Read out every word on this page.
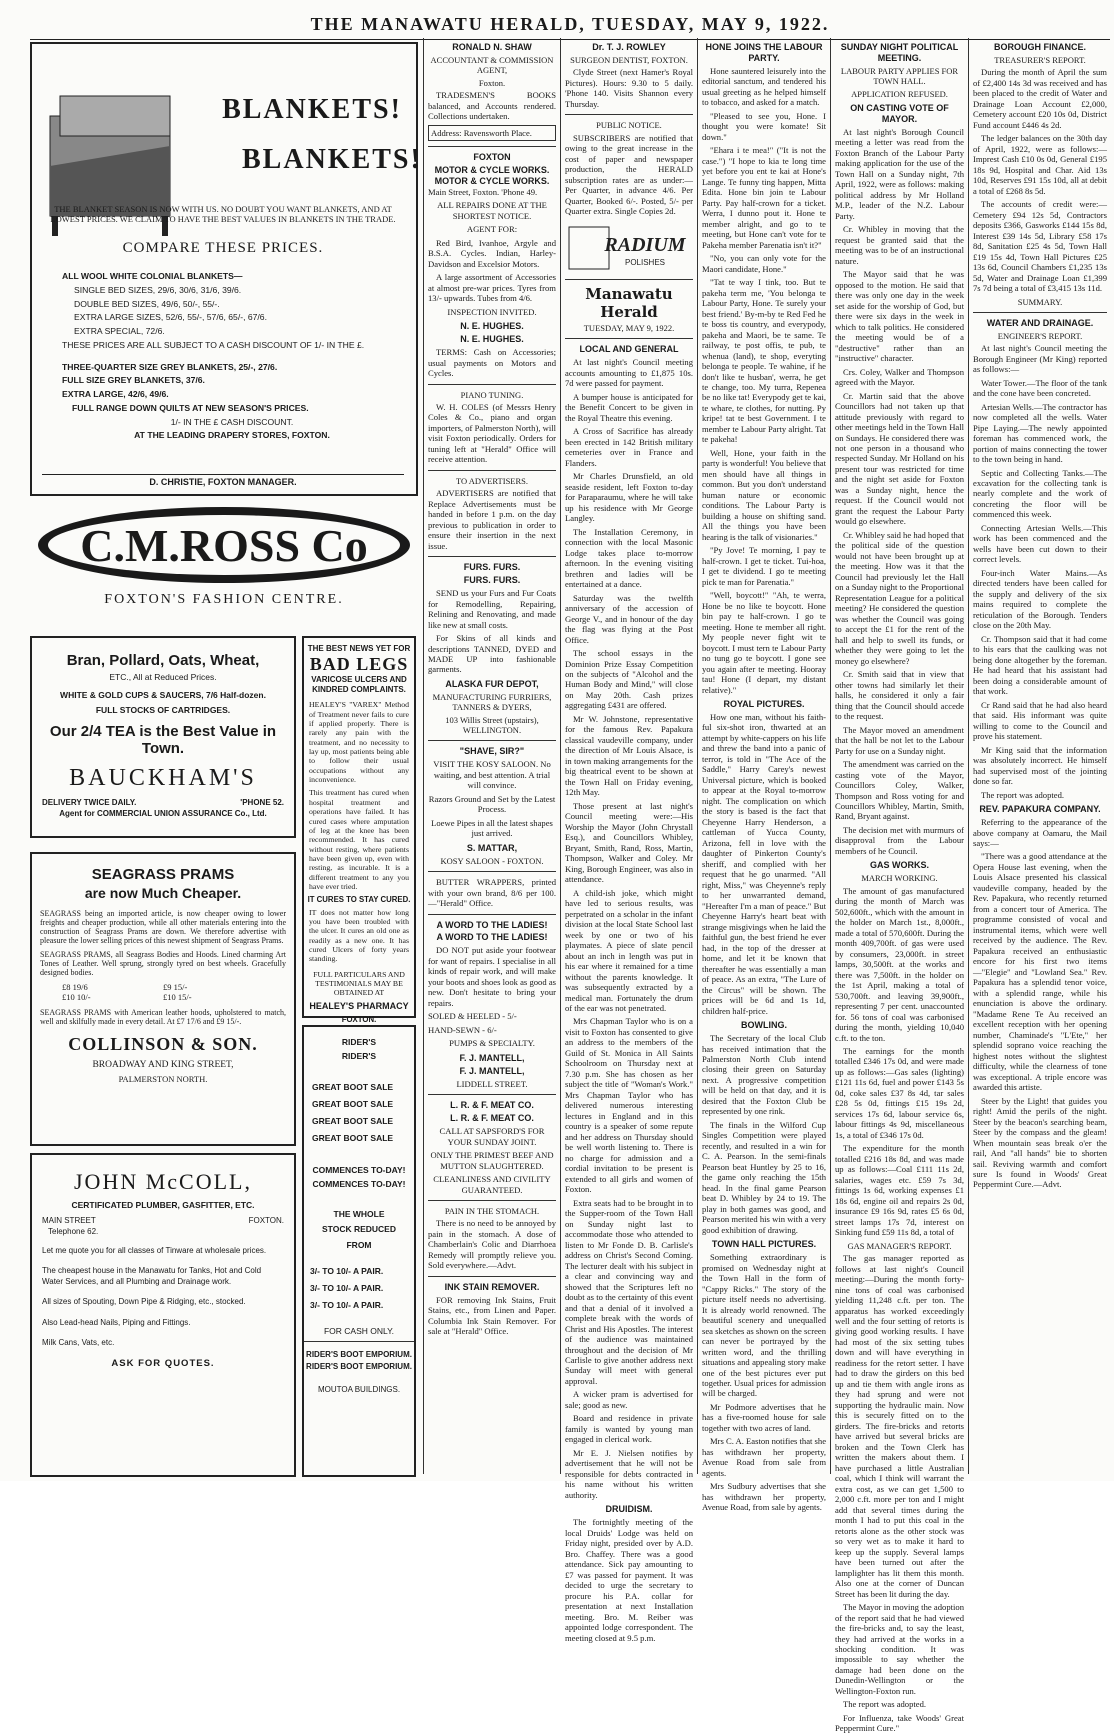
THE MANAWATU HERALD, TUESDAY, MAY 9, 1922.
BLANKETS!
BLANKETS!
THE BLANKET SEASON IS NOW WITH US. NO DOUBT YOU WANT BLANKETS, AND AT LOWEST PRICES. WE CLAIM TO HAVE THE BEST VALUES IN BLANKETS IN THE TRADE.
COMPARE THESE PRICES.
ALL WOOL WHITE COLONIAL BLANKETS—
SINGLE BED SIZES, 29/6, 30/6, 31/6, 39/6.
DOUBLE BED SIZES, 49/6, 50/-, 55/-.
EXTRA LARGE SIZES, 52/6, 55/-, 57/6, 65/-, 67/6.
EXTRA SPECIAL, 72/6.
THESE PRICES ARE ALL SUBJECT TO A CASH DISCOUNT OF 1/- IN THE £.
THREE-QUARTER SIZE GREY BLANKETS, 25/-, 27/6.
FULL SIZE GREY BLANKETS, 37/6.
EXTRA LARGE, 42/6, 49/6.
FULL RANGE DOWN QUILTS AT NEW SEASON'S PRICES.
1/- IN THE £ CASH DISCOUNT.
AT THE LEADING DRAPERY STORES, FOXTON.
D. CHRISTIE, FOXTON MANAGER.
C.M.ROSS Co
FOXTON'S FASHION CENTRE.
Bran, Pollard, Oats, Wheat,
ETC., All at Reduced Prices.
WHITE & GOLD CUPS & SAUCERS, 7/6 Half-dozen.
FULL STOCKS OF CARTRIDGES.
Our 2/4 TEA is the Best Value in Town.
BAUCKHAM'S
DELIVERY TWICE DAILY.	'PHONE 52.
Agent for COMMERCIAL UNION ASSURANCE Co., Ltd.
SEAGRASS PRAMS
are now Much Cheaper.
SEAGRASS being an imported article, is now cheaper owing to lower freights and cheaper production, while all other materials entering into the construction of Seagrass Prams are down. We therefore advertise with pleasure the lower selling prices of this newest shipment of Seagrass Prams.
SEAGRASS PRAMS, all Seagrass Bodies and Hoods. Lined charming Art Tones of Leather. Well sprung, strongly tyred on best wheels. Gracefully designed bodies.
£8 19/6	£9 15/-
£10 10/-	£10 15/-
SEAGRASS PRAMS with American leather hoods, upholstered to match, well and skilfully made in every detail. At £7 17/6 and £9 15/-.
COLLINSON & SON.
BROADWAY AND KING STREET,
PALMERSTON NORTH.
JOHN McCOLL,
CERTIFICATED PLUMBER, GASFITTER, ETC.
MAIN STREET	FOXTON.
Telephone 62.
Let me quote you for all classes of Tinware at wholesale prices.
The cheapest house in the Manawatu for Tanks, Hot and Cold Water Services, and all Plumbing and Drainage work.
All sizes of Spouting, Down Pipe & Ridging, etc., stocked.
Also Lead-head Nails, Piping and Fittings.
Milk Cans, Vats, etc.
ASK FOR QUOTES.
THE BEST NEWS YET FOR
BAD LEGS
VARICOSE ULCERS AND KINDRED COMPLAINTS.
HEALEY'S "VAREX" Method of Treatment never fails to cure if applied properly. There is rarely any pain with the treatment, and no necessity to lay up, most patients being able to follow their usual occupations without any inconvenience.
This treatment has cured when hospital treatment and operations have failed. It has cured cases where amputation of leg at the knee has been recommended. It has cured without resting, where patients have been given up, even with resting, as incurable. It is a different treatment to any you have ever tried.
IT CURES TO STAY CURED.
IT does not matter how long you have been troubled with the ulcer. It cures an old one as readily as a new one. It has cured Ulcers of forty years standing.
FULL PARTICULARS AND TESTIMONIALS MAY BE OBTAINED AT
HEALEY'S PHARMACY
FOXTON.
RIDER'S
RIDER'S
GREAT BOOT SALE
GREAT BOOT SALE
GREAT BOOT SALE
GREAT BOOT SALE
COMMENCES TO-DAY!
COMMENCES TO-DAY!
THE WHOLE STOCK REDUCED FROM
3/- TO 10/- A PAIR.
3/- TO 10/- A PAIR.
3/- TO 10/- A PAIR.
FOR CASH ONLY.
RIDER'S BOOT EMPORIUM.
RIDER'S BOOT EMPORIUM.
MOUTOA BUILDINGS.
RONALD N. SHAW
ACCOUNTANT & COMMISSION AGENT,
Foxton.

TRADESMEN'S BOOKS balanced, and Accounts rendered. Collections undertaken.

Address: Ravensworth Place.

FOXTON
MOTOR & CYCLE WORKS.
MOTOR & CYCLE WORKS.

Main Street, Foxton. 'Phone 49.

ALL REPAIRS DONE AT THE SHORTEST NOTICE.

AGENT FOR:

Red Bird, Ivanhoe, Argyle and B.S.A. Cycles. Indian, Harley-Davidson and Excelsior Motors.

A large assortment of Accessories at almost pre-war prices. Tyres from 13/- upwards. Tubes from 4/6.

INSPECTION INVITED.

N. E. HUGHES.
N. E. HUGHES.

TERMS: Cash on Accessories; usual payments on Motors and Cycles.

PIANO TUNING.

W. H. COLES (of Messrs Henry Coles & Co., piano and organ importers, of Palmerston North), will visit Foxton periodically. Orders for tuning left at "Herald" Office will receive attention.

TO ADVERTISERS.

ADVERTISERS are notified that Replace Advertisements must be handed in before 1 p.m. on the day previous to publication in order to ensure their insertion in the next issue.

FURS. FURS.
FURS. FURS.

SEND us your Furs and Fur Coats for Remodelling, Repairing, Relining and Renovating, and made like new at small costs.

For Skins of all kinds and descriptions TANNED, DYED and MADE UP into fashionable garments.

ALASKA FUR DEPOT,
MANUFACTURING FURRIERS, TANNERS & DYERS,
103 Willis Street (upstairs), WELLINGTON.
"SHAVE, SIR?"

VISIT THE KOSY SALOON. No waiting, and best attention. A trial will convince.

Razors Ground and Set by the Latest Process.

Loewe Pipes in all the latest shapes just arrived.

S. MATTAR,
KOSY SALOON - FOXTON.

BUTTER WRAPPERS, printed with your own brand, 8/6 per 100. —"Herald" Office.

A WORD TO THE LADIES!
A WORD TO THE LADIES!

DO NOT put aside your footwear for want of repairs. I specialise in all kinds of repair work, and will make your boots and shoes look as good as new. Don't hesitate to bring your repairs.

SOLED & HEELED - 5/-

HAND-SEWN - 6/-

PUMPS & SPECIALTY.

F. J. MANTELL,
F. J. MANTELL,

LIDDELL STREET.

L. R. & F. MEAT CO.
L. R. & F. MEAT CO.

CALL AT SAPSFORD'S FOR YOUR SUNDAY JOINT.

ONLY THE PRIMEST BEEF AND MUTTON SLAUGHTERED.

CLEANLINESS AND CIVILITY GUARANTEED.

PAIN IN THE STOMACH.

There is no need to be annoyed by pain in the stomach. A dose of Chamberlain's Colic and Diarrhoea Remedy will promptly relieve you. Sold everywhere.—Advt.

INK STAIN REMOVER.

FOR removing Ink Stains, Fruit Stains, etc., from Linen and Paper. Columbia Ink Stain Remover. For sale at "Herald" Office.

Dr. T. J. ROWLEY
SURGEON DENTIST, FOXTON.

Clyde Street (next Hamer's Royal Pictures). Hours: 9.30 to 5 daily. 'Phone 140. Visits Shannon every Thursday.

PUBLIC NOTICE.

SUBSCRIBERS are notified that owing to the great increase in the cost of paper and newspaper production, the HERALD subscription rates are as under:— Per Quarter, in advance 4/6. Per Quarter, Booked 6/-. Posted, 5/- per Quarter extra. Single Copies 2d.

RADIUM
POLISHES
Manawatu Herald
TUESDAY, MAY 9, 1922.
LOCAL AND GENERAL

At last night's Council meeting accounts amounting to £1,875 10s. 7d were passed for payment.

A bumper house is anticipated for the Benefit Concert to be given in the Royal Theatre this evening.

A Cross of Sacrifice has already been erected in 142 British military cemeteries over in France and Flanders.

Mr Charles Drunsfield, an old seaside resident, left Foxton to-day for Paraparaumu, where he will take up his residence with Mr George Langley.

The Installation Ceremony, in connection with the local Masonic Lodge takes place to-morrow afternoon. In the evening visiting brethren and ladies will be entertained at a dance.

Saturday was the twelfth anniversary of the accession of George V., and in honour of the day the flag was flying at the Post Office.

The school essays in the Dominion Prize Essay Competition on the subjects of "Alcohol and the Human Body and Mind," will close on May 20th. Cash prizes aggregating £431 are offered.

Mr W. Johnstone, representative for the famous Rev. Papakura classical vaudeville company, under the direction of Mr Louis Alsace, is in town making arrangements for the big theatrical event to be shown at the Town Hall on Friday evening, 12th May.

Those present at last night's Council meeting were:—His Worship the Mayor (John Chrystall Esq.), and Councillors Whibley, Bryant, Smith, Rand, Ross, Martin, Thompson, Walker and Coley. Mr King, Borough Engineer, was also in attendance.

A child-ish joke, which might have led to serious results, was perpetrated on a scholar in the infant division at the local State School last week by one or two of his playmates. A piece of slate pencil about an inch in length was put in his ear where it remained for a time without the parents knowledge. It was subsequently extracted by a medical man. Fortunately the drum of the ear was not penetrated.

Mrs Chapman Taylor who is on a visit to Foxton has consented to give an address to the members of the Guild of St. Monica in All Saints Schoolroom on Thursday next at 7.30 p.m. She has chosen as her subject the title of "Woman's Work." Mrs Chapman Taylor who has delivered numerous interesting lectures in England and in this country is a speaker of some repute and her address on Thursday should be well worth listening to. There is no charge for admission and a cordial invitation to be present is extended to all girls and women of Foxton.

Extra seats had to be brought in to the Supper-room of the Town Hall on Sunday night last to accommodate those who attended to listen to Mr Fonde D. B. Carlisle's address on Christ's Second Coming. The lecturer dealt with his subject in a clear and convincing way and showed that the Scriptures left no doubt as to the certainty of this event and that a denial of it involved a complete break with the words of Christ and His Apostles. The interest of the audience was maintained throughout and the decision of Mr Carlisle to give another address next Sunday will meet with general approval.

A wicker pram is advertised for sale; good as new.

Board and residence in private family is wanted by young man engaged in clerical work.

Mr E. J. Nielsen notifies by advertisement that he will not be responsible for debts contracted in his name without his written authority.

DRUIDISM.

The fortnightly meeting of the local Druids' Lodge was held on Friday night, presided over by A.D. Bro. Chaffey. There was a good attendance. Sick pay amounting to £7 was passed for payment. It was decided to urge the secretary to procure his P.A. collar for presentation at next Installation meeting. Bro. M. Reiber was appointed lodge correspondent. The meeting closed at 9.5 p.m.

HONE JOINS THE LABOUR PARTY.

Hone sauntered leisurely into the editorial sanctum, and tendered his usual greeting as he helped himself to tobacco, and asked for a match.

"Pleased to see you, Hone. I thought you were komate! Sit down."

"Ehara i te mea!" ("It is not the case.") "I hope to kia te long time yet before you ent te kai at Hone's Lange. Te funny ting happen, Mitta Edita. Hone bin join te Labour Party. Pay half-crown for a ticket. Werra, I dunno pout it. Hone te member alright, and go to te meeting, but Hone can't vote for te Pakeha member Parenatia isn't it?"

"No, you can only vote for the Maori candidate, Hone."

"Tat te way I tink, too. But te pakeha term me, 'You belonga te Labour Party, Hone. Te surely your best friend.' By-m-by te Red Fed he te boss tis country, and everypody, pakeha and Maori, be te same. Te railway, te post offis, te pub, te whenua (land), te shop, everyting belonga te people. Te wahine, if he don't like te husban', werra, he get te change, too. My turra, Repenea be no like tat! Everypody get te kai, te whare, te clothes, for nutting. Py kripe! tat te best Government. I te member te Labour Party alright. Tat te pakeha!

Well, Hone, your faith in the party is wonderful! You believe that men should have all things in common. But you don't understand human nature or economic conditions. The Labour Party is building a house on shifting sand. All the things you have been hearing is the talk of visionaries."

"Py Jove! Te morning, I pay te half-crown. I get te ticket. Tui-hoa, I get te dividend. I go te meeting pick te man for Parenatia."

"Well, boycott!" "Ah, te werra, Hone be no like te boycott. Hone bin pay te half-crown. I go te meeting. Hone te member all right. My people never fight wit te boycott. I must tern te Labour Party no tung go te boycott. I gone see you again after te meeting. Hooray tau! Hone (I depart, my distant relative)."

ROYAL PICTURES.

How one man, without his faith-ful six-shot iron, thwarted at an attempt by white-cappers on his life and threw the band into a panic of terror, is told in "The Ace of the Saddle," Harry Carey's newest Universal picture, which is booked to appear at the Royal to-morrow night. The complication on which the story is based is the fact that Cheyenne Harry Henderson, a cattleman of Yucca County, Arizona, fell in love with the daughter of Pinkerton County's sheriff, and complied with her request that he go unarmed. "All right, Miss," was Cheyenne's reply to her unwarranted demand, "Hereafter I'm a man of peace." But Cheyenne Harry's heart beat with strange misgivings when he laid the faithful gun, the best friend he ever had, in the top of the dresser at home, and let it be known that thereafter he was essentially a man of peace. As an extra, "The Lure of the Circus" will be shown. The prices will be 6d and 1s 1d, children half-price.

BOWLING.

The Secretary of the local Club has received intimation that the Palmerston North Club intend closing their green on Saturday next. A progressive competition will be held on that day, and it is desired that the Foxton Club be represented by one rink.

The finals in the Wilford Cup Singles Competition were played recently, and resulted in a win for C. A. Pearson. In the semi-finals Pearson beat Huntley by 25 to 16, the game only reaching the 15th head. In the final game Pearson beat D. Whibley by 24 to 19. The play in both games was good, and Pearson merited his win with a very good exhibition of drawing.

TOWN HALL PICTURES.

Something extraordinary is promised on Wednesday night at the Town Hall in the form of "Cappy Ricks." The story of the picture itself needs no advertising. It is already world renowned. The beautiful scenery and unequalled sea sketches as shown on the screen can never be portrayed by the written word, and the thrilling situations and appealing story make one of the best pictures ever put together. Usual prices for admission will be charged.

Mr Podmore advertises that he has a five-roomed house for sale together with two acres of land.

Mrs C. A. Easton notifies that she has withdrawn her property, Avenue Road from sale from agents.

Mrs Sudbury advertises that she has withdrawn her property, Avenue Road, from sale by agents.

SUNDAY NIGHT POLITICAL MEETING.
LABOUR PARTY APPLIES FOR TOWN HALL.
APPLICATION REFUSED.
ON CASTING VOTE OF MAYOR.

At last night's Borough Council meeting a letter was read from the Foxton Branch of the Labour Party making application for the use of the Town Hall on a Sunday night, 7th April, 1922, were as follows: making political address by Mr Holland M.P., leader of the N.Z. Labour Party.

Cr. Whibley in moving that the request be granted said that the meeting was to be of an instructional nature.

The Mayor said that he was opposed to the motion. He said that there was only one day in the week set aside for the worship of God, but there were six days in the week in which to talk politics. He considered the meeting would be of a "destructive" rather than an "instructive" character.

Crs. Coley, Walker and Thompson agreed with the Mayor.

Cr. Martin said that the above Councillors had not taken up that attitude previously with regard to other meetings held in the Town Hall on Sundays. He considered there was not one person in a thousand who respected Sunday. Mr Holland on his present tour was restricted for time and the night set aside for Foxton was a Sunday night, hence the request. If the Council would not grant the request the Labour Party would go elsewhere.

Cr. Whibley said he had hoped that the political side of the question would not have been brought up at the meeting. How was it that the Council had previously let the Hall on a Sunday night to the Proportional Representation League for a political meeting? He considered the question was whether the Council was going to accept the £1 for the rent of the hall and help to swell its funds, or whether they were going to let the money go elsewhere?

Cr. Smith said that in view that other towns had similarly let their halls, he considered it only a fair thing that the Council should accede to the request.

The Mayor moved an amendment that the hall be not let to the Labour Party for use on a Sunday night.

The amendment was carried on the casting vote of the Mayor, Councillors Coley, Walker, Thompson and Ross voting for and Councillors Whibley, Martin, Smith, Rand, Bryant against.

The decision met with murmurs of disapproval from the Labour members of he Council.

GAS WORKS.
MARCH WORKING.

The amount of gas manufactured during the month of March was 502,600ft., which with the amount in the holder on March 1st., 8,000ft., made a total of 570,600ft. During the month 409,700ft. of gas were used by consumers, 23,000ft. in street lamps, 30,500ft. at the works and there was 7,500ft. in the holder on the 1st April, making a total of 530,700ft. and leaving 39,900ft., representing 7 per cent. unaccounted for. 56 tons of coal was carbonised during the month, yielding 10,040 c.ft. to the ton.

The earnings for the month totalled £346 17s 0d, and were made up as follows:—Gas sales (lighting) £121 11s 6d, fuel and power £143 5s 0d, coke sales £37 8s 4d, tar sales £28 5s 0d, fittings £15 19s 2d, services 17s 6d, labour service 6s, labour fittings 4s 9d, miscellaneous 1s, a total of £346 17s 0d.

The expenditure for the month totalled £216 18s 8d, and was made up as follows:—Coal £111 11s 2d, salaries, wages etc. £59 7s 3d, fittings 1s 6d, working expenses £1 18s 6d, engine oil and repairs 2s 0d, insurance £9 16s 9d, rates £5 6s 0d, street lamps 17s 7d, interest on Sinking fund £59 11s 8d, a total of

GAS MANAGER'S REPORT.

The gas manager reported as follows at last night's Council meeting:—During the month forty-nine tons of coal was carbonised yielding 11,248 c.ft. per ton. The apparatus has worked exceedingly well and the four setting of retorts is giving good working results. I have had most of the six setting tubes down and will have everything in readiness for the retort setter. I have had to draw the girders on this bed up and tie them with angle irons as they had sprung and were not supporting the hydraulic main. Now this is securely fitted on to the girders. The fire-bricks and retorts have arrived but several bricks are broken and the Town Clerk has written the makers about them. I have purchased a little Australian coal, which I think will warrant the extra cost, as we can get 1,500 to 2,000 c.ft. more per ton and I might add that several times during the month I had to put this coal in the retorts alone as the other stock was so very wet as to make it hard to keep up the supply. Several lamps have been turned out after the lamplighter has lit them this month. Also one at the corner of Duncan Street has been lit during the day.

The Mayor in moving the adoption of the report said that he had viewed the fire-bricks and, to say the least, they had arrived at the works in a shocking condition. It was impossible to say whether the damage had been done on the Dunedin-Wellington or the Wellington-Foxton run.

The report was adopted.

For Influenza, take Woods' Great Peppermint Cure."

BOROUGH FINANCE.
TREASURER'S REPORT.

During the month of April the sum of £2,400 14s 3d was received and has been placed to the credit of Water and Drainage Loan Account £2,000, Cemetery account £20 10s 0d, District Fund account £446 4s 2d.

The ledger balances on the 30th day of April, 1922, were as follows:—Imprest Cash £10 0s 0d, General £195 18s 9d, Hospital and Char. Aid 13s 10d, Reserves £91 15s 10d, all at debit a total of £268 8s 5d.

The accounts of credit were:—Cemetery £94 12s 5d, Contractors deposits £366, Gasworks £144 15s 8d, Interest £39 14s 5d, Library £58 17s 8d, Sanitation £25 4s 5d, Town Hall £19 15s 4d, Town Hall Pictures £25 13s 6d, Council Chambers £1,235 13s 5d, Water and Drainage Loan £1,399 7s 7d being a total of £3,415 13s 11d.

SUMMARY.
WATER AND DRAINAGE.
ENGINEER'S REPORT.

At last night's Council meeting the Borough Engineer (Mr King) reported as follows:—

Water Tower.—The floor of the tank and the cone have been concreted.

Artesian Wells.—The contractor has now completed all the wells. Water Pipe Laying.—The newly appointed foreman has commenced work, the portion of mains connecting the tower to the town being in hand.

Septic and Collecting Tanks.—The excavation for the collecting tank is nearly complete and the work of concreting the floor will be commenced this week.

Connecting Artesian Wells.—This work has been commenced and the wells have been cut down to their correct levels.

Four-inch Water Mains.—As directed tenders have been called for the supply and delivery of the six mains required to complete the reticulation of the Borough. Tenders close on the 20th May.

Cr. Thompson said that it had come to his ears that the caulking was not being done altogether by the foreman. He had heard that his assistant had been doing a considerable amount of that work.

Cr Rand said that he had also heard that said. His informant was quite willing to come to the Council and prove his statement.

Mr King said that the information was absolutely incorrect. He himself had supervised most of the jointing done so far.

The report was adopted.

REV. PAPAKURA COMPANY.

Referring to the appearance of the above company at Oamaru, the Mail says:—

"There was a good attendance at the Opera House last evening, when the Louis Alsace presented his classical vaudeville company, headed by the Rev. Papakura, who recently returned from a concert tour of America. The programme consisted of vocal and instrumental items, which were well received by the audience. The Rev. Papakura received an enthusiastic encore for his first two items—"Elegie" and "Lowland Sea." Rev. Papakura has a splendid tenor voice, with a splendid range, while his enunciation is above the ordinary. "Madame Rene Te Au received an excellent reception with her opening number, Chaminade's "L'Ete," her splendid soprano voice reaching the highest notes without the slightest difficulty, while the clearness of tone was exceptional. A triple encore was awarded this artiste.

Steer by the Light! that guides you right! Amid the perils of the night. Steer by the beacon's searching beam, Steer by the compass and the gleam! When mountain seas break o'er the rail, And "all hands" bie to shorten sail. Reviving warmth and comfort sure Is found in Woods' Great Peppermint Cure.—Advt.
